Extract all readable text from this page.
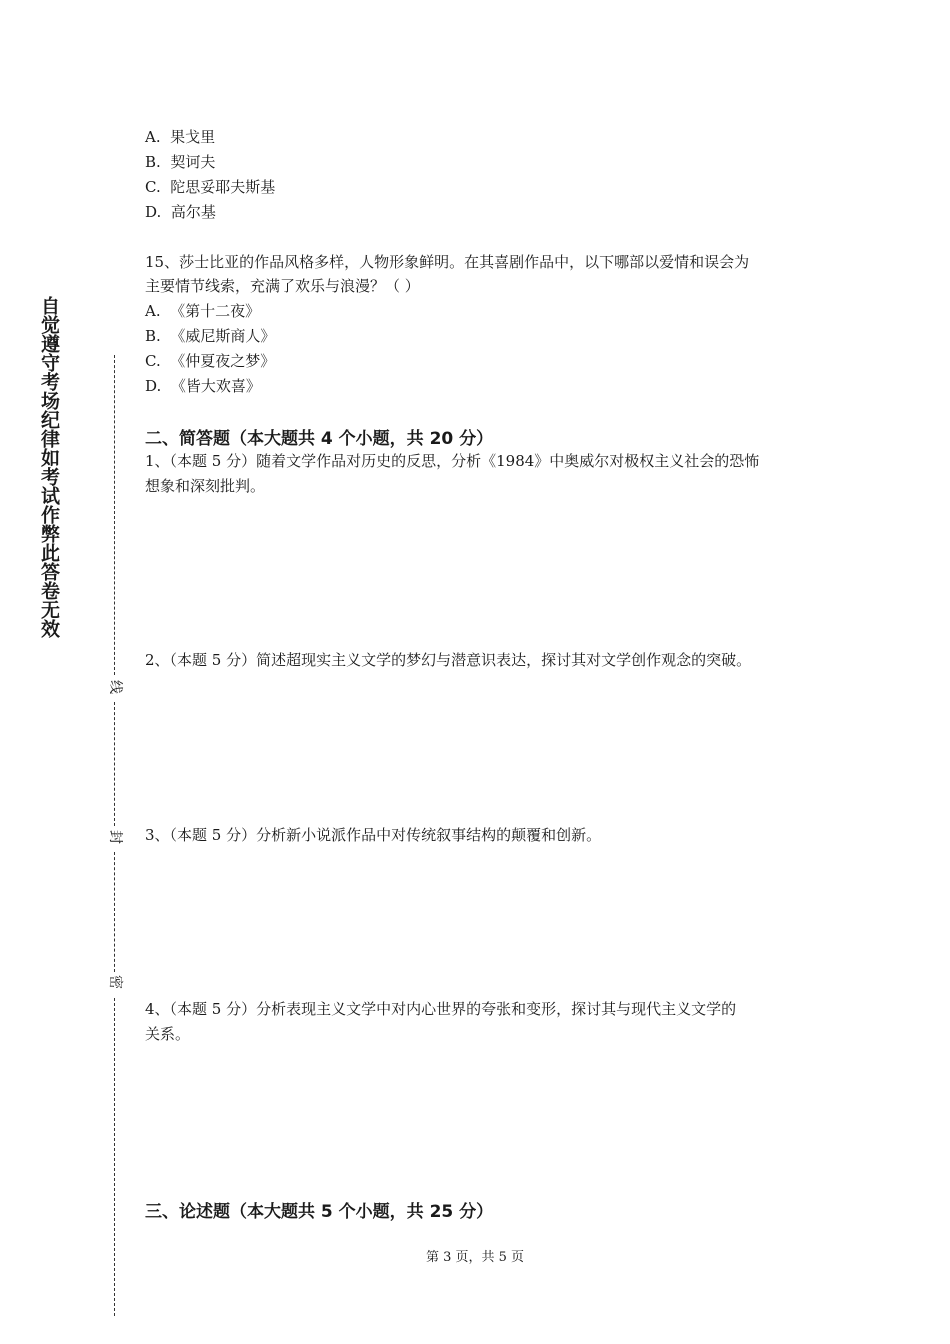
自觉遵守考场纪律如考试作弊此答卷无效
线
封
密
A. 果戈里
B. 契诃夫
C. 陀思妥耶夫斯基
D. 高尔基
15、莎士比亚的作品风格多样，人物形象鲜明。在其喜剧作品中，以下哪部以爱情和误会为
主要情节线索，充满了欢乐与浪漫？（ ）
A. 《第十二夜》
B. 《威尼斯商人》
C. 《仲夏夜之梦》
D. 《皆大欢喜》
二、简答题（本大题共 4 个小题，共 20 分）
1、（本题 5 分）随着文学作品对历史的反思，分析《1984》中奥威尔对极权主义社会的恐怖
想象和深刻批判。
2、（本题 5 分）简述超现实主义文学的梦幻与潜意识表达，探讨其对文学创作观念的突破。
3、（本题 5 分）分析新小说派作品中对传统叙事结构的颠覆和创新。
4、（本题 5 分）分析表现主义文学中对内心世界的夸张和变形，探讨其与现代主义文学的
关系。
三、论述题（本大题共 5 个小题，共 25 分）
第 3 页，共 5 页
